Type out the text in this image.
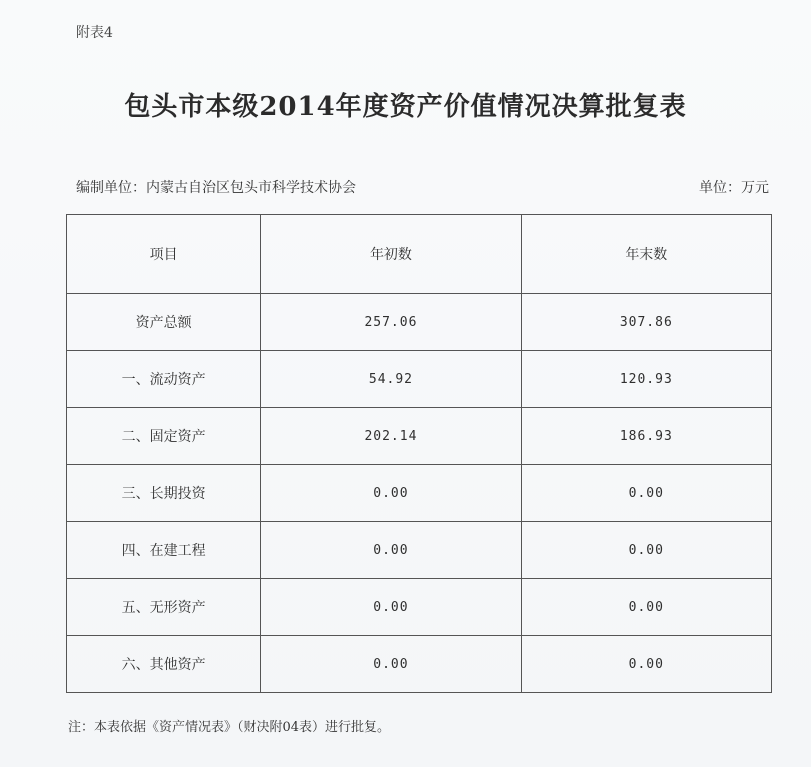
附表4
包头市本级2014年度资产价值情况决算批复表
编制单位：内蒙古自治区包头市科学技术协会	单位：万元
项目	年初数	年末数
资产总额	257.06	307.86
一、流动资产	54.92	120.93
二、固定资产	202.14	186.93
三、长期投资	0.00	0.00
四、在建工程	0.00	0.00
五、无形资产	0.00	0.00
六、其他资产	0.00	0.00
注：本表依据《资产情况表》（财决附04表）进行批复。
